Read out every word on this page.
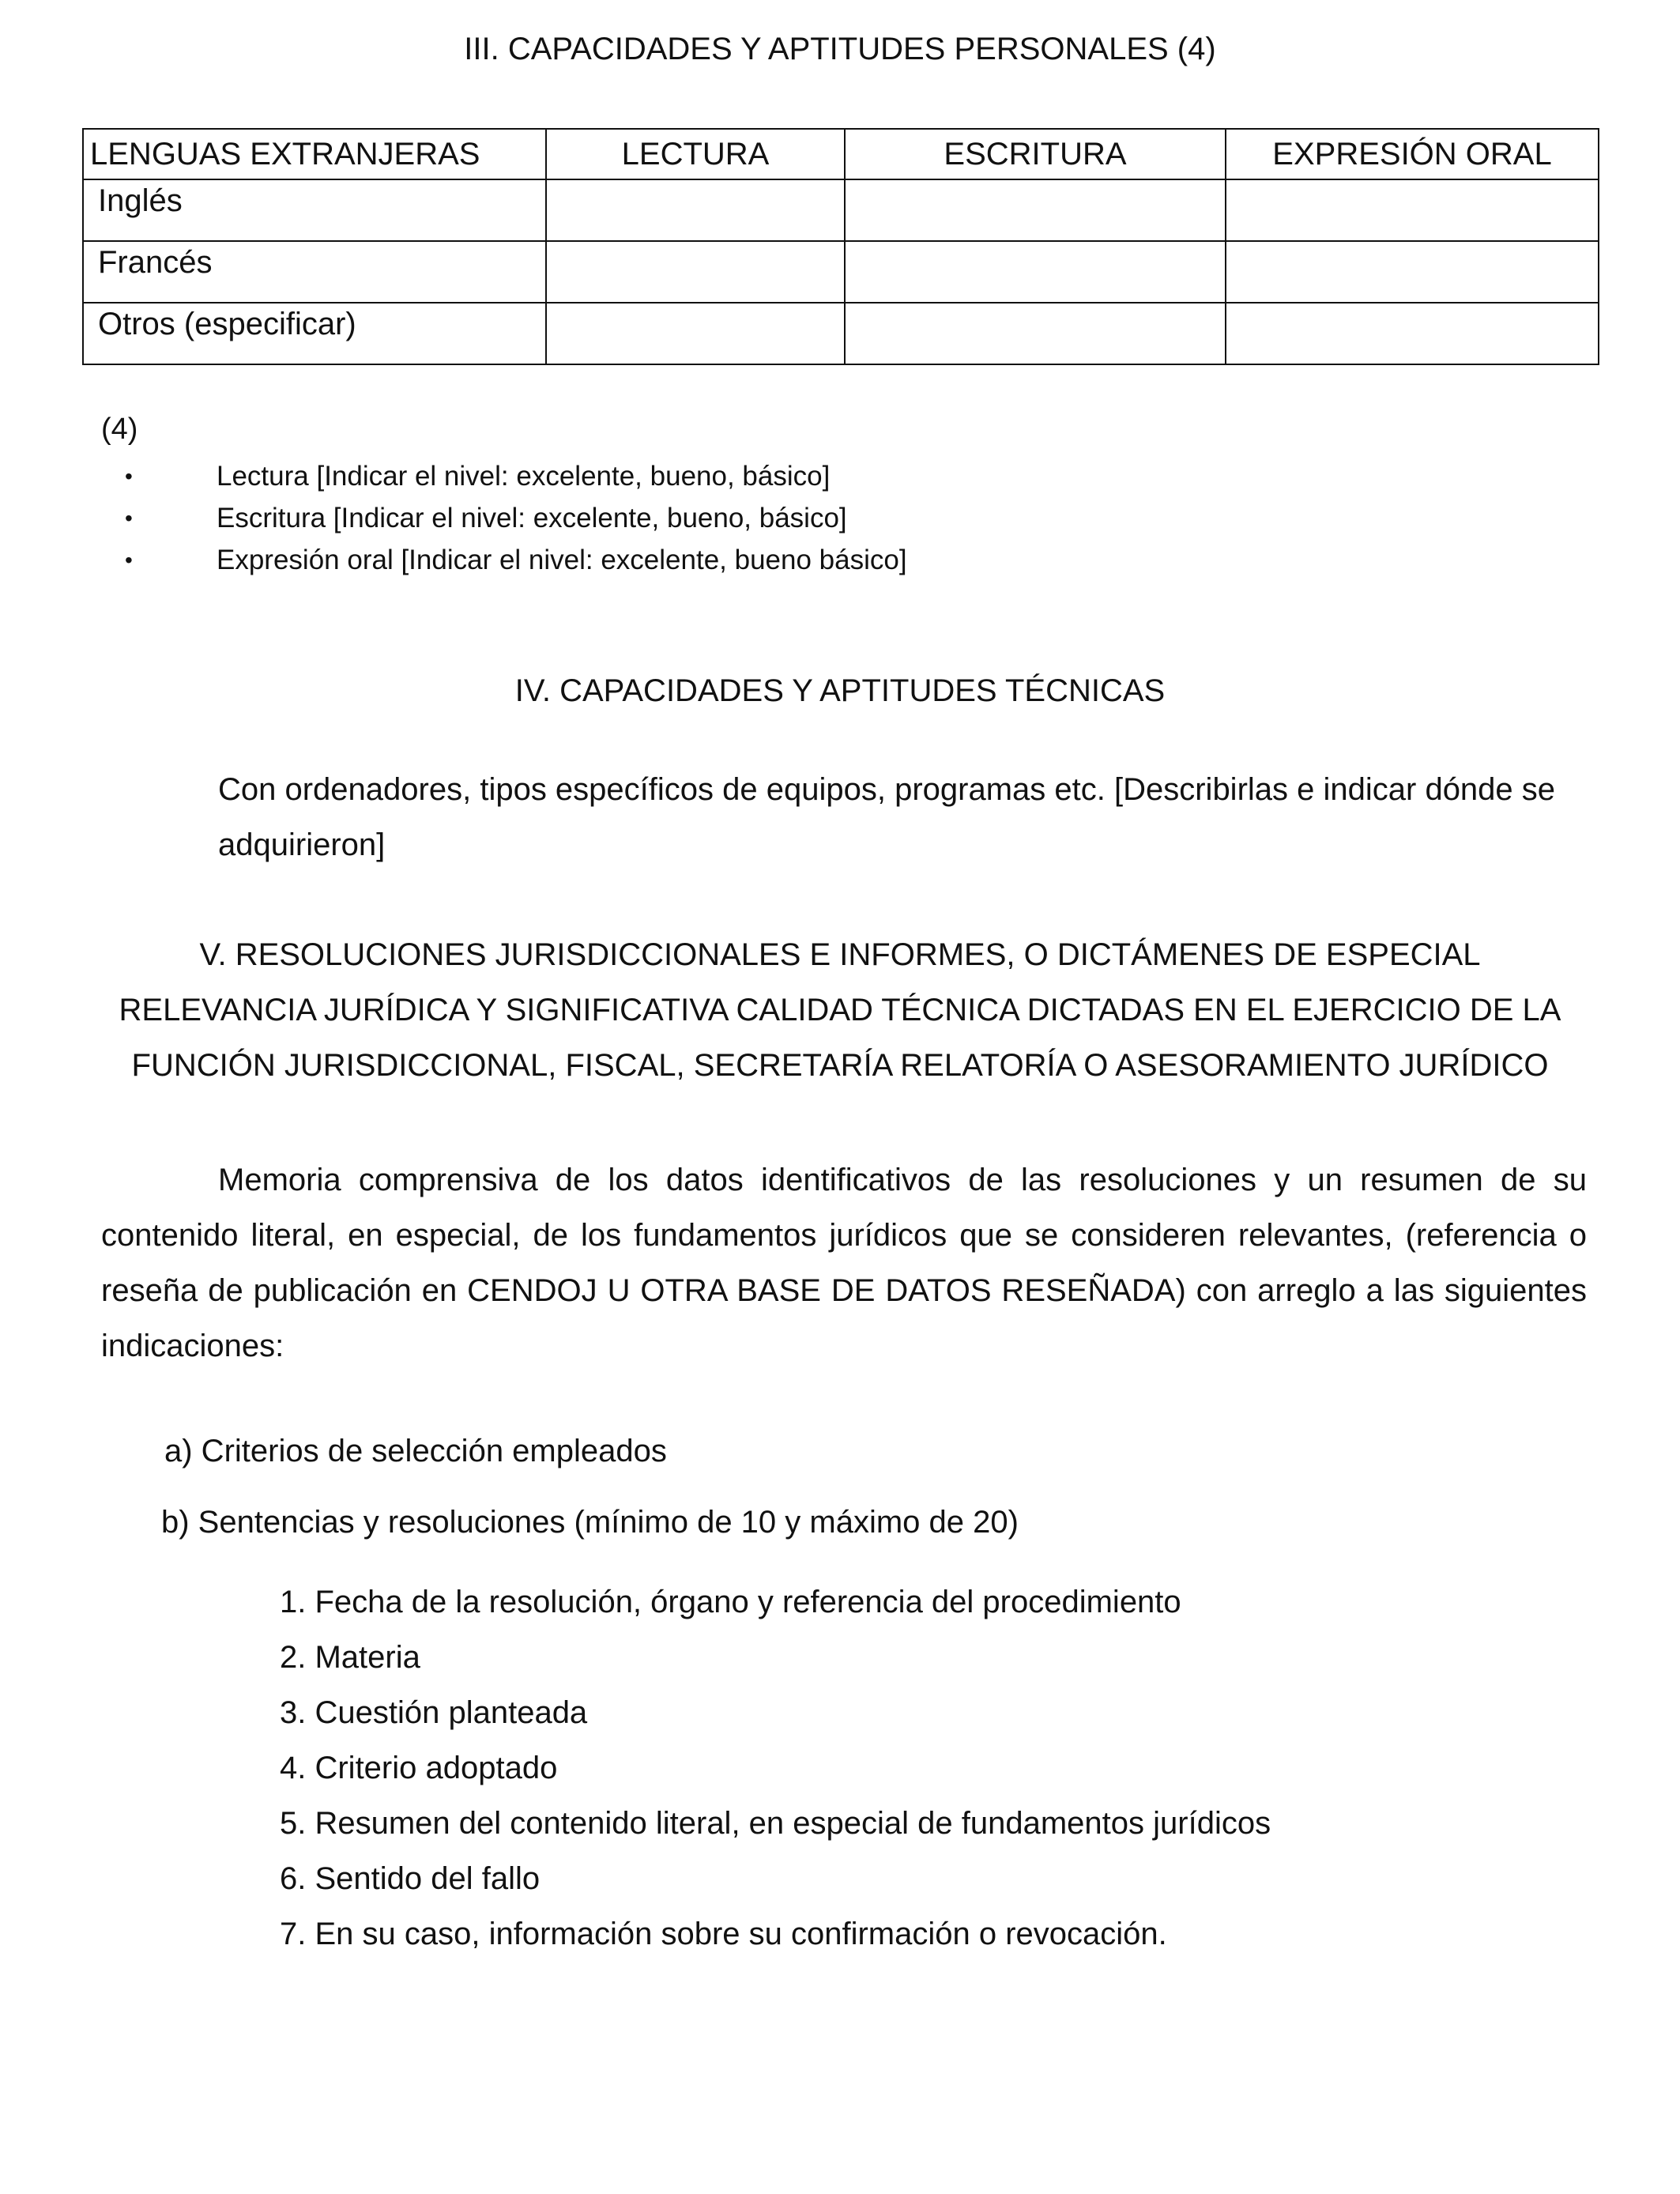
III. CAPACIDADES Y APTITUDES PERSONALES (4)
LENGUAS EXTRANJERAS	LECTURA	ESCRITURA	EXPRESIÓN ORAL
Inglés			
Francés			
Otros (especificar)			
(4)
•	Lectura [Indicar el nivel: excelente, bueno, básico]
•	Escritura [Indicar el nivel: excelente, bueno, básico]
•	Expresión oral [Indicar el nivel: excelente, bueno básico]
IV. CAPACIDADES Y APTITUDES TÉCNICAS
Con ordenadores, tipos específicos de equipos, programas etc. [Describirlas e indicar dónde se adquirieron]
V. RESOLUCIONES JURISDICCIONALES E INFORMES, O DICTÁMENES DE ESPECIAL
RELEVANCIA JURÍDICA Y SIGNIFICATIVA CALIDAD TÉCNICA DICTADAS EN EL EJERCICIO DE LA
FUNCIÓN JURISDICCIONAL, FISCAL, SECRETARÍA RELATORÍA O ASESORAMIENTO JURÍDICO
Memoria comprensiva de los datos identificativos de las resoluciones y un resumen de su contenido literal, en especial, de los fundamentos jurídicos que se consideren relevantes, (referencia o reseña de publicación en CENDOJ U OTRA BASE DE DATOS RESEÑADA) con arreglo a las siguientes indicaciones:
a) Criterios de selección empleados
b) Sentencias y resoluciones (mínimo de 10 y máximo de 20)
1. Fecha de la resolución, órgano y referencia del procedimiento
2. Materia
3. Cuestión planteada
4. Criterio adoptado
5. Resumen del contenido literal, en especial de fundamentos jurídicos
6. Sentido del fallo
7. En su caso, información sobre su confirmación o revocación.
